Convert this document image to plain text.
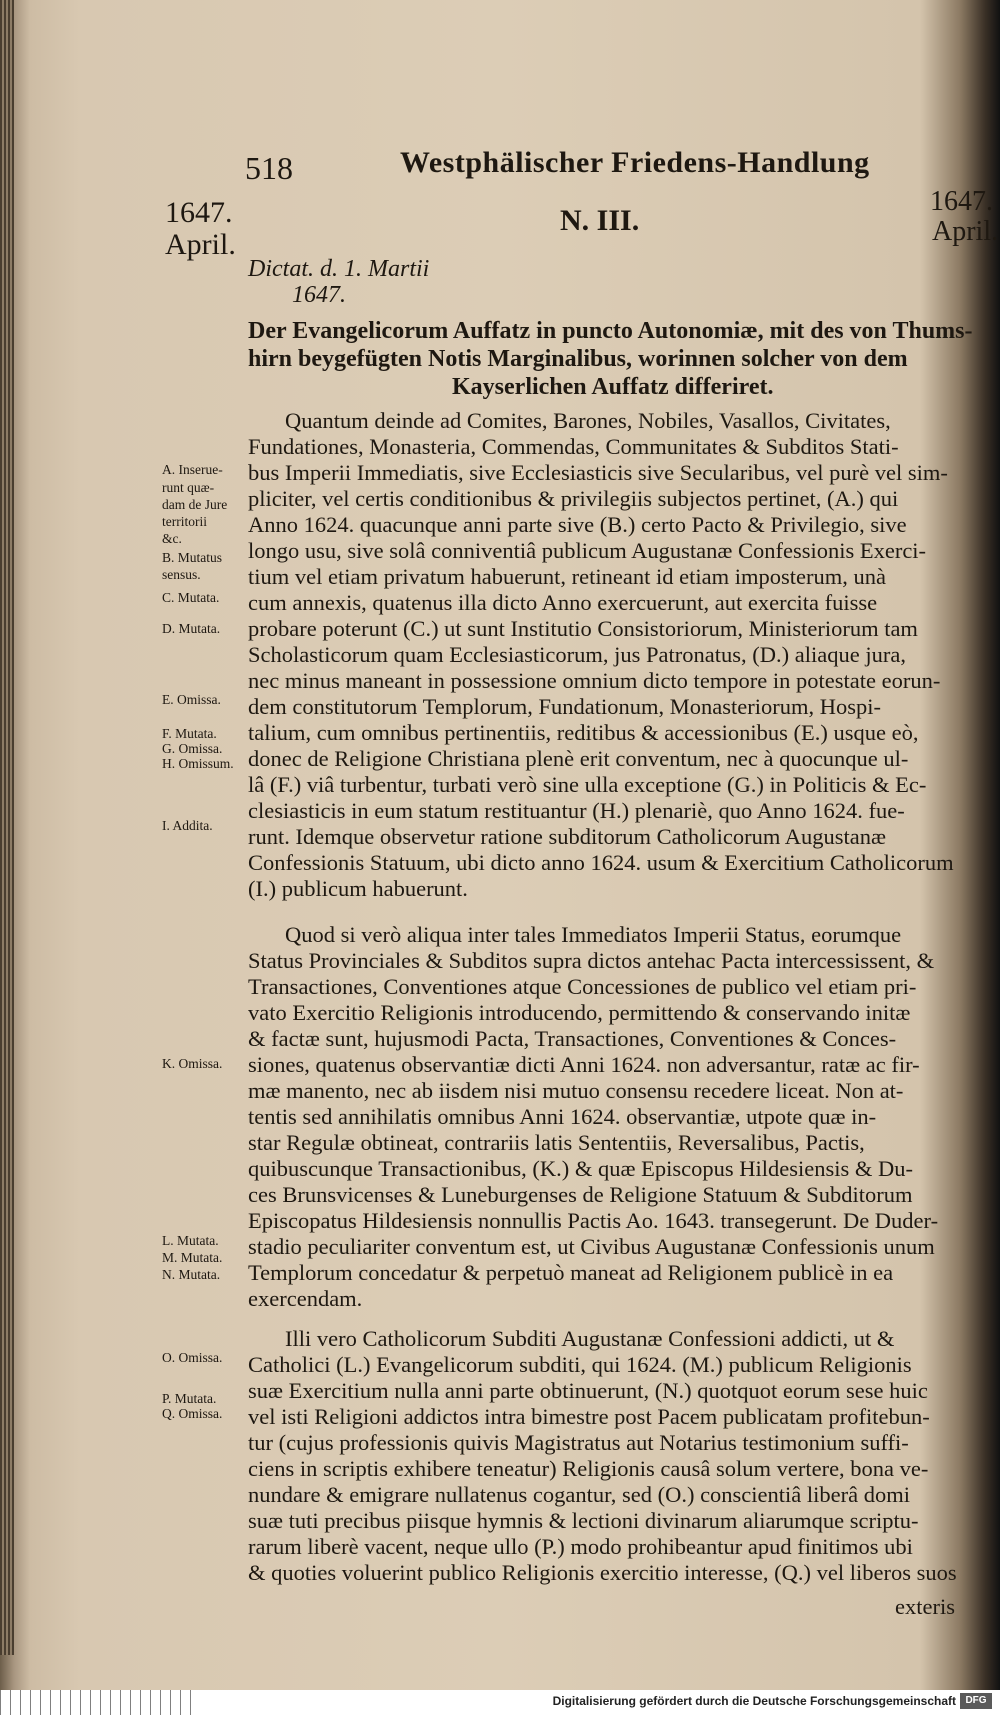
518	Westphälischer Friedens-Handlung
1647.
April.
1647.
April.
N. III.
Dictat. d. 1. Martii
1647.
Der Evangelicorum Auffatz in puncto Autonomiæ, mit des von Thums-
hirn beygefügten Notis Marginalibus, worinnen solcher von dem
Kayserlichen Auffatz differiret.
Quantum deinde ad Comites, Barones, Nobiles, Vasallos, Civitates,
Fundationes, Monasteria, Commendas, Communitates & Subditos Stati-
bus Imperii Immediatis, sive Ecclesiasticis sive Secularibus, vel purè vel sim-
pliciter, vel certis conditionibus & privilegiis subjectos pertinet, (A.) qui
Anno 1624. quacunque anni parte sive (B.) certo Pacto & Privilegio, sive
longo usu, sive solâ conniventiâ publicum Augustanæ Confessionis Exerci-
tium vel etiam privatum habuerunt, retineant id etiam imposterum, unà
cum annexis, quatenus illa dicto Anno exercuerunt, aut exercita fuisse
probare poterunt (C.) ut sunt Institutio Consistoriorum, Ministeriorum tam
Scholasticorum quam Ecclesiasticorum, jus Patronatus, (D.) aliaque jura,
nec minus maneant in possessione omnium dicto tempore in potestate eorun-
dem constitutorum Templorum, Fundationum, Monasteriorum, Hospi-
talium, cum omnibus pertinentiis, reditibus & accessionibus (E.) usque eò,
donec de Religione Christiana plenè erit conventum, nec à quocunque ul-
lâ (F.) viâ turbentur, turbati verò sine ulla exceptione (G.) in Politicis & Ec-
clesiasticis in eum statum restituantur (H.) plenariè, quo Anno 1624. fue-
runt. Idemque observetur ratione subditorum Catholicorum Augustanæ
Confessionis Statuum, ubi dicto anno 1624. usum & Exercitium Catholicorum
(I.) publicum habuerunt.
Quod si verò aliqua inter tales Immediatos Imperii Status, eorumque
Status Provinciales & Subditos supra dictos antehac Pacta intercessissent, &
Transactiones, Conventiones atque Concessiones de publico vel etiam pri-
vato Exercitio Religionis introducendo, permittendo & conservando initæ
& factæ sunt, hujusmodi Pacta, Transactiones, Conventiones & Conces-
siones, quatenus observantiæ dicti Anni 1624. non adversantur, ratæ ac fir-
mæ manento, nec ab iisdem nisi mutuo consensu recedere liceat. Non at-
tentis sed annihilatis omnibus Anni 1624. observantiæ, utpote quæ in-
star Regulæ obtineat, contrariis latis Sententiis, Reversalibus, Pactis,
quibuscunque Transactionibus, (K.) & quæ Episcopus Hildesiensis & Du-
ces Brunsvicenses & Luneburgenses de Religione Statuum & Subditorum
Episcopatus Hildesiensis nonnullis Pactis Ao. 1643. transegerunt. De Duder-
stadio peculiariter conventum est, ut Civibus Augustanæ Confessionis unum
Templorum concedatur & perpetuò maneat ad Religionem publicè in ea
exercendam.
Illi vero Catholicorum Subditi Augustanæ Confessioni addicti, ut &
Catholici (L.) Evangelicorum subditi, qui 1624. (M.) publicum Religionis
suæ Exercitium nulla anni parte obtinuerunt, (N.) quotquot eorum sese huic
vel isti Religioni addictos intra bimestre post Pacem publicatam profitebun-
tur (cujus professionis quivis Magistratus aut Notarius testimonium suffi-
ciens in scriptis exhibere teneatur) Religionis causâ solum vertere, bona ve-
nundare & emigrare nullatenus cogantur, sed (O.) conscientiâ liberâ domi
suæ tuti precibus piisque hymnis & lectioni divinarum aliarumque scriptu-
rarum liberè vacent, neque ullo (P.) modo prohibeantur apud finitimos ubi
& quoties voluerint publico Religionis exercitio interesse, (Q.) vel liberos suos
exteris
A. Inserue-
runt quæ-
dam de Jure
territorii
&c.
B. Mutatus
sensus.
C. Mutata.
D. Mutata.
E. Omissa.
F. Mutata.
G. Omissa.
H. Omissum.
I. Addita.
K. Omissa.
L. Mutata.
M. Mutata.
N. Mutata.
O. Omissa.
P. Mutata.
Q. Omissa.
Digitalisierung gefördert durch die Deutsche Forschungsgemeinschaft DFG
